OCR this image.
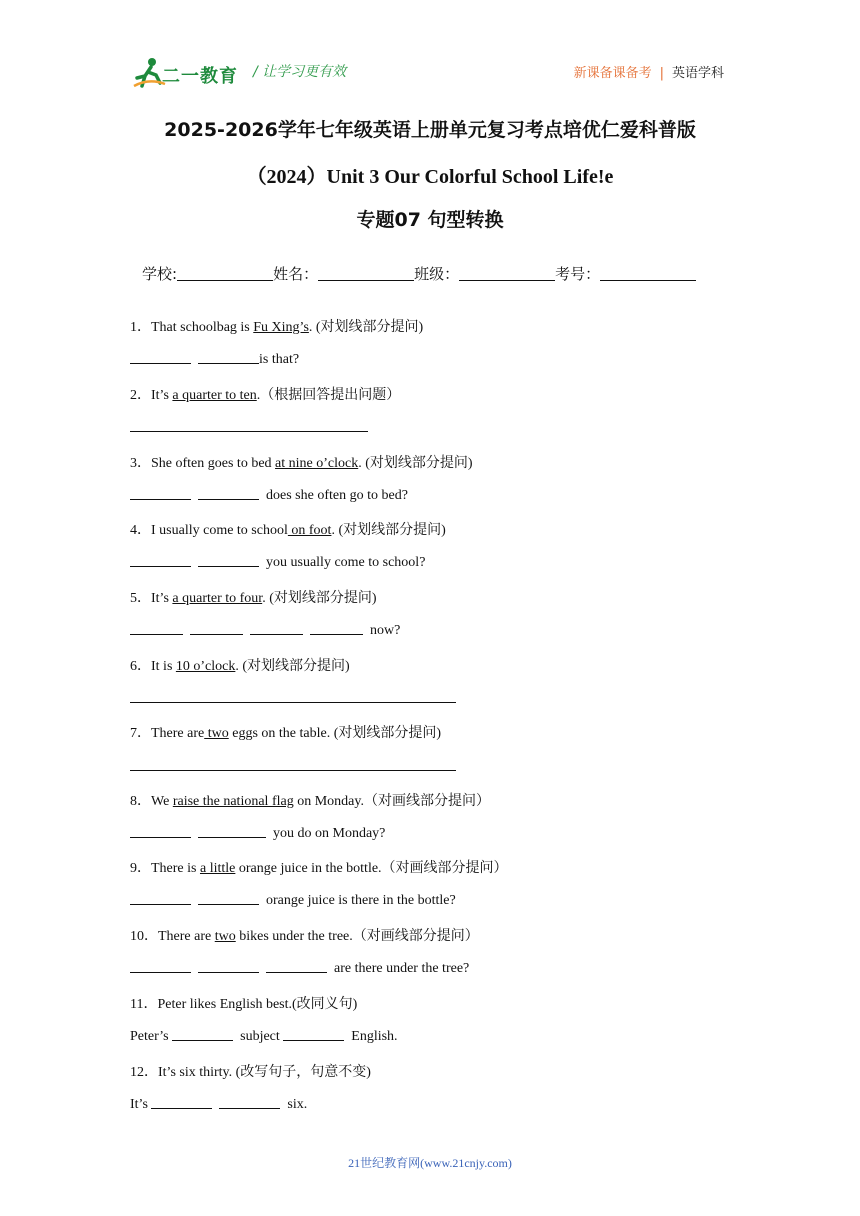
二一教育 / 让学习更有效	新课备课备考 | 英语学科
2025-2026学年七年级英语上册单元复习考点培优仁爱科普版
（2024）Unit 3 Our Colorful School Life!e
专题07 句型转换
学校:	姓名：	班级：	考号：
1．That schoolbag is Fu Xing’s. (对划线部分提问)
is that?
2．It’s a quarter to ten.（根据回答提出问题）
3．She often goes to bed at nine o’clock. (对划线部分提问)
does she often go to bed?
4．I usually come to school on foot. (对划线部分提问)
you usually come to school?
5．It’s a quarter to four. (对划线部分提问)
now?
6．It is 10 o’clock. (对划线部分提问)
7．There are two eggs on the table. (对划线部分提问)
8．We raise the national flag on Monday.（对画线部分提问）
you do on Monday?
9．There is a little orange juice in the bottle.（对画线部分提问）
orange juice is there in the bottle?
10．There are two bikes under the tree.（对画线部分提问）
are there under the tree?
11．Peter likes English best.(改同义句)
Peter’s	subject	English.
12．It’s six thirty. (改写句子，句意不变)
It’s	six.
21世纪教育网(www.21cnjy.com)
